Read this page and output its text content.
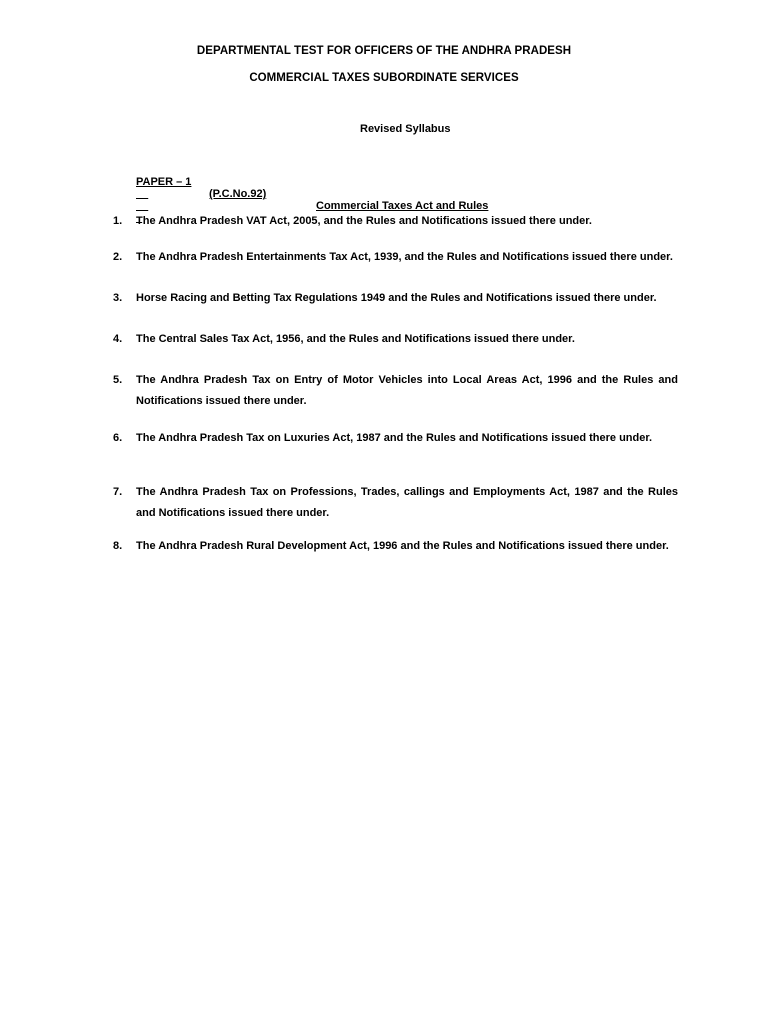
DEPARTMENTAL TEST FOR OFFICERS OF THE ANDHRA PRADESH
COMMERCIAL TAXES SUBORDINATE SERVICES
Revised Syllabus

PAPER – 1

(P.C.No.92)

Commercial Taxes Act and Rules

1.	The Andhra Pradesh VAT Act, 2005, and the Rules and Notifications issued there under.
2.	The Andhra Pradesh Entertainments Tax Act, 1939, and the Rules and Notifications issued there under.
3.	Horse Racing and Betting Tax Regulations 1949 and the Rules and Notifications issued there under.
4.	The Central Sales Tax Act, 1956, and the Rules and Notifications issued there under.
5.	The Andhra Pradesh Tax on Entry of Motor Vehicles into Local Areas Act, 1996 and the Rules and Notifications issued there under.
6.	The Andhra Pradesh Tax on Luxuries Act, 1987 and the Rules and Notifications issued there under.
7.	The Andhra Pradesh Tax on Professions, Trades, callings and Employments Act, 1987 and the Rules and Notifications issued there under.
8.	The Andhra Pradesh Rural Development Act, 1996 and the Rules and Notifications issued there under.
